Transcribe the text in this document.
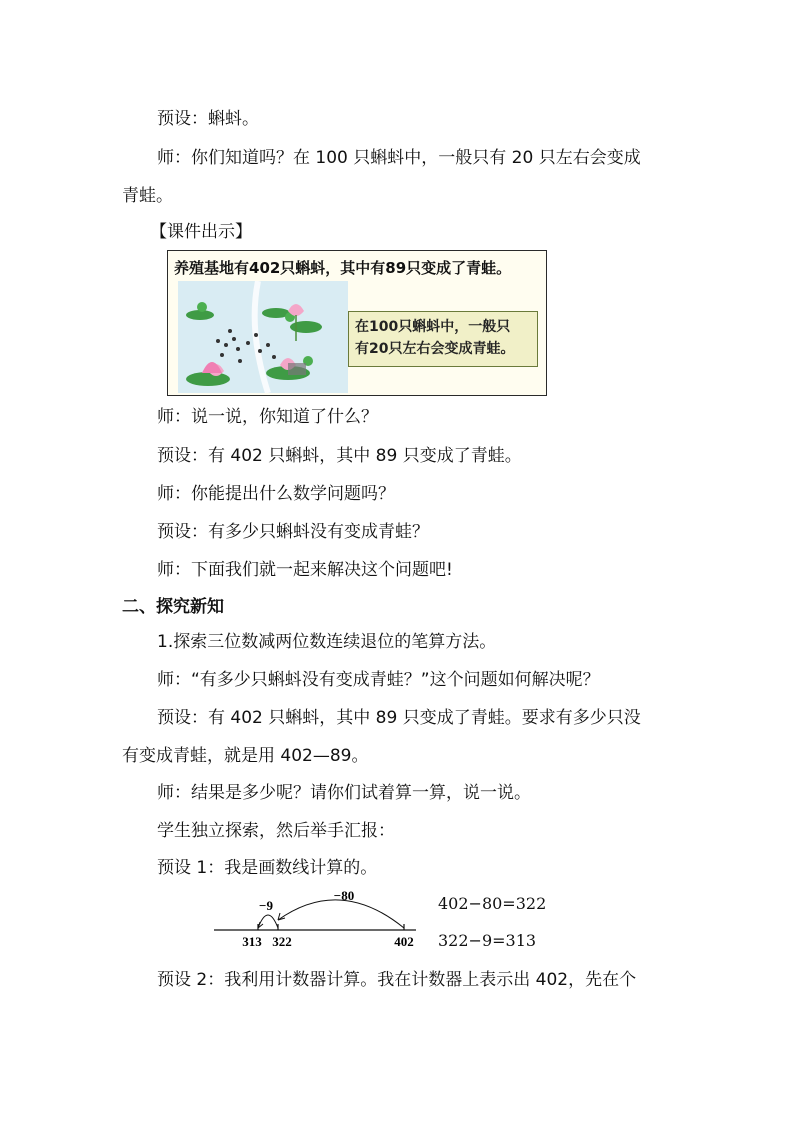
预设：蝌蚪。
师：你们知道吗？在 100 只蝌蚪中，一般只有 20 只左右会变成
青蛙。
【课件出示】
养殖基地有402只蝌蚪，其中有89只变成了青蛙。
在100只蝌蚪中，一般只
有20只左右会变成青蛙。
师：说一说，你知道了什么？
预设：有 402 只蝌蚪，其中 89 只变成了青蛙。
师：你能提出什么数学问题吗？
预设：有多少只蝌蚪没有变成青蛙？
师：下面我们就一起来解决这个问题吧!
二、探究新知
1.探索三位数减两位数连续退位的笔算方法。
师：“有多少只蝌蚪没有变成青蛙？”这个问题如何解决呢？
预设：有 402 只蝌蚪，其中 89 只变成了青蛙。要求有多少只没
有变成青蛙，就是用 402—89。
师：结果是多少呢？请你们试着算一算，说一说。
学生独立探索，然后举手汇报：
预设 1：我是画数线计算的。
−80
−9
313 322	402
402−80=322
322−9=313
预设 2：我利用计数器计算。我在计数器上表示出 402，先在个
